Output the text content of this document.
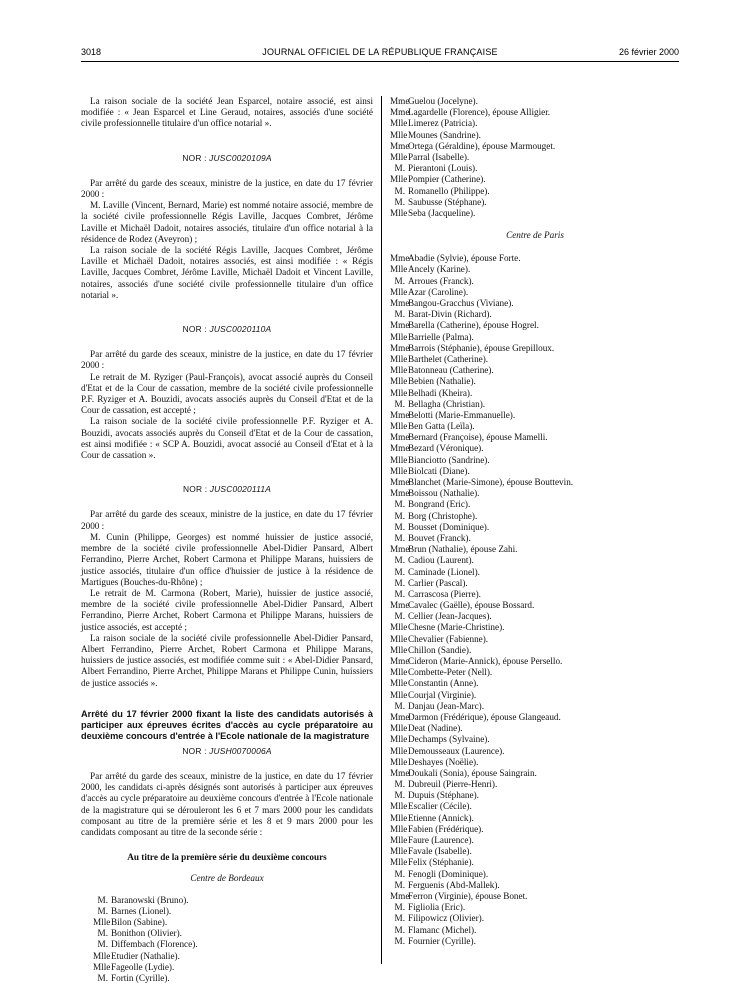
3018	JOURNAL OFFICIEL DE LA RÉPUBLIQUE FRANÇAISE	26 février 2000

La raison sociale de la société Jean Esparcel, notaire associé, est ainsi modifiée : « Jean Esparcel et Line Geraud, notaires, associés d'une société civile professionnelle titulaire d'un office notarial ».

NOR : JUSC0020109A

Par arrêté du garde des sceaux, ministre de la justice, en date du 17 février 2000 :

M. Laville (Vincent, Bernard, Marie) est nommé notaire associé, membre de la société civile professionnelle Régis Laville, Jacques Combret, Jérôme Laville et Michaël Dadoit, notaires associés, titulaire d'un office notarial à la résidence de Rodez (Aveyron) ;

La raison sociale de la société Régis Laville, Jacques Combret, Jérôme Laville et Michaël Dadoit, notaires associés, est ainsi modifiée : « Régis Laville, Jacques Combret, Jérôme Laville, Michaël Dadoit et Vincent Laville, notaires, associés d'une société civile professionnelle titulaire d'un office notarial ».

NOR : JUSC0020110A

Par arrêté du garde des sceaux, ministre de la justice, en date du 17 février 2000 :

Le retrait de M. Ryziger (Paul-François), avocat associé auprès du Conseil d'Etat et de la Cour de cassation, membre de la société civile professionnelle P.F. Ryziger et A. Bouzidi, avocats associés auprès du Conseil d'Etat et de la Cour de cassation, est accepté ;

La raison sociale de la société civile professionnelle P.F. Ryziger et A. Bouzidi, avocats associés auprès du Conseil d'Etat et de la Cour de cassation, est ainsi modifiée : « SCP A. Bouzidi, avocat associé au Conseil d'Etat et à la Cour de cassation ».

NOR : JUSC0020111A

Par arrêté du garde des sceaux, ministre de la justice, en date du 17 février 2000 :

M. Cunin (Philippe, Georges) est nommé huissier de justice associé, membre de la société civile professionnelle Abel-Didier Pansard, Albert Ferrandino, Pierre Archet, Robert Carmona et Philippe Marans, huissiers de justice associés, titulaire d'un office d'huissier de justice à la résidence de Martigues (Bouches-du-Rhône) ;

Le retrait de M. Carmona (Robert, Marie), huissier de justice associé, membre de la société civile professionnelle Abel-Didier Pansard, Albert Ferrandino, Pierre Archet, Robert Carmona et Philippe Marans, huissiers de justice associés, est accepté ;

La raison sociale de la société civile professionnelle Abel-Didier Pansard, Albert Ferrandino, Pierre Archet, Robert Carmona et Philippe Marans, huissiers de justice associés, est modifiée comme suit : « Abel-Didier Pansard, Albert Ferrandino, Pierre Archet, Philippe Marans et Philippe Cunin, huissiers de justice associés ».

Arrêté du 17 février 2000 fixant la liste des candidats autorisés à participer aux épreuves écrites d'accès au cycle préparatoire au deuxième concours d'entrée à l'Ecole nationale de la magistrature

NOR : JUSH0070006A

Par arrêté du garde des sceaux, ministre de la justice, en date du 17 février 2000, les candidats ci-après désignés sont autorisés à participer aux épreuves d'accès au cycle préparatoire au deuxième concours d'entrée à l'Ecole nationale de la magistrature qui se dérouleront les 6 et 7 mars 2000 pour les candidats composant au titre de la première série et les 8 et 9 mars 2000 pour les candidats composant au titre de la seconde série :

Au titre de la première série du deuxième concours

Centre de Bordeaux

M. Baranowski (Bruno).
M. Barnes (Lionel).
MlleBilon (Sabine).
M. Bonithon (Olivier).
M. Diffembach (Florence).
MlleEtudier (Nathalie).
MlleFageolle (Lydie).
M. Fortin (Cyrille).
MmeGuelou (Jocelyne).
MmeLagardelle (Florence), épouse Alligier.
MlleLimerez (Patricia).
MlleMounes (Sandrine).
MmeOrtega (Géraldine), épouse Marmouget.
MlleParral (Isabelle).
M. Pierantoni (Louis).
MllePompier (Catherine).
M. Romanello (Philippe).
M. Saubusse (Stéphane).
MlleSeba (Jacqueline).

Centre de Paris

MmeAbadie (Sylvie), épouse Forte.
MlleAncely (Karine).
M. Arroues (Franck).
MlleAzar (Caroline).
MmeBangou-Gracchus (Viviane).
M. Barat-Divin (Richard).
MmeBarella (Catherine), épouse Hogrel.
MlleBarrielle (Palma).
MmeBarrois (Stéphanie), épouse Grepilloux.
MlleBarthelet (Catherine).
MlleBatonneau (Catherine).
MlleBebien (Nathalie).
MlleBelhadi (Kheira).
M. Bellagha (Christian).
MmeBelotti (Marie-Emmanuelle).
MlleBen Gatta (Leïla).
MmeBernard (Françoise), épouse Mamelli.
MmeBezard (Véronique).
MlleBianciotto (Sandrine).
MlleBiolcati (Diane).
MmeBlanchet (Marie-Simone), épouse Bouttevin.
MmeBoissou (Nathalie).
M. Bongrand (Eric).
M. Borg (Christophe).
M. Bousset (Dominique).
M. Bouvet (Franck).
MmeBrun (Nathalie), épouse Zahi.
M. Cadiou (Laurent).
M. Caminade (Lionel).
M. Carlier (Pascal).
M. Carrascosa (Pierre).
MmeCavalec (Gaëlle), épouse Bossard.
M. Cellier (Jean-Jacques).
MlleChesne (Marie-Christine).
MlleChevalier (Fabienne).
MlleChillon (Sandie).
MmeCideron (Marie-Annick), épouse Persello.
MlleCombette-Peter (Nell).
MlleConstantin (Anne).
MlleCourjal (Virginie).
M. Danjau (Jean-Marc).
MmeDarmon (Frédérique), épouse Glangeaud.
MlleDeat (Nadine).
MlleDechamps (Sylvaine).
MlleDemousseaux (Laurence).
MlleDeshayes (Noëlie).
MmeDoukali (Sonia), épouse Saingrain.
M. Dubreuil (Pierre-Henri).
M. Dupuis (Stéphane).
MlleEscalier (Cécile).
MlleEtienne (Annick).
MlleFabien (Frédérique).
MlleFaure (Laurence).
MlleFavale (Isabelle).
MlleFelix (Stéphanie).
M. Fenogli (Dominique).
M. Ferguenis (Abd-Mallek).
MmeFerron (Virginie), épouse Bonet.
M. Figliolia (Eric).
M. Filipowicz (Olivier).
M. Flamanc (Michel).
M. Fournier (Cyrille).
